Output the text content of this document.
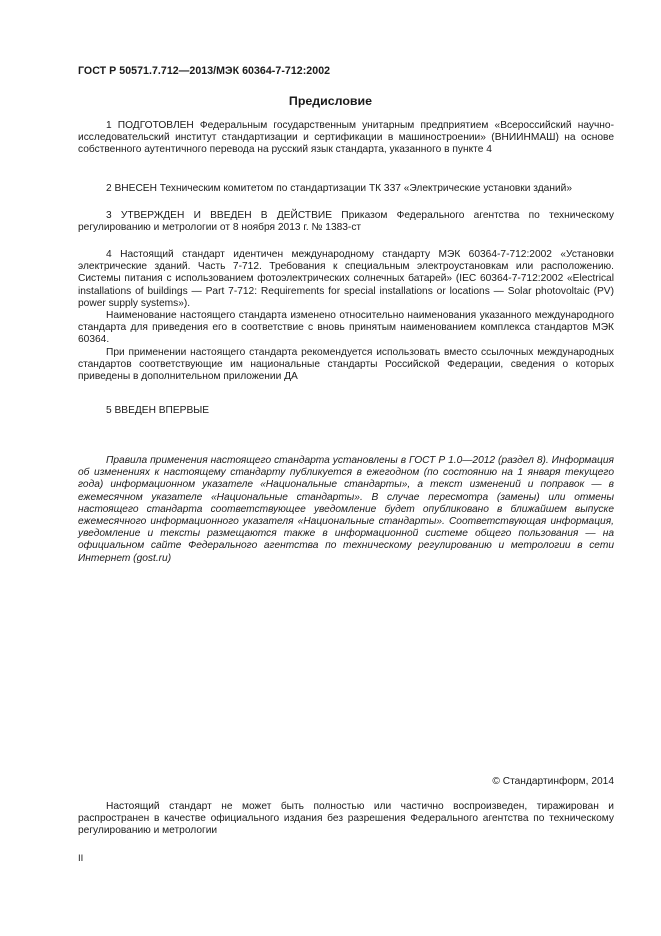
ГОСТ Р 50571.7.712—2013/МЭК 60364-7-712:2002
Предисловие

1 ПОДГОТОВЛЕН Федеральным государственным унитарным предприятием «Всероссийский научно-исследовательский институт стандартизации и сертификации в машиностроении» (ВНИИНМАШ) на основе собственного аутентичного перевода на русский язык стандарта, указанного в пункте 4

2 ВНЕСЕН Техническим комитетом по стандартизации ТК 337 «Электрические установки зданий»

3 УТВЕРЖДЕН И ВВЕДЕН В ДЕЙСТВИЕ Приказом Федерального агентства по техническому регулированию и метрологии от 8 ноября 2013 г. № 1383-ст

4 Настоящий стандарт идентичен международному стандарту МЭК 60364-7-712:2002 «Установки электрические зданий. Часть 7-712. Требования к специальным электроустановкам или расположению. Системы питания с использованием фотоэлектрических солнечных батарей» (IEC 60364-7-712:2002 «Electrical installations of buildings — Part 7-712: Requirements for special installations or locations — Solar photovoltaic (PV) power supply systems»).

Наименование настоящего стандарта изменено относительно наименования указанного международного стандарта для приведения его в соответствие с вновь принятым наименованием комплекса стандартов МЭК 60364.

При применении настоящего стандарта рекомендуется использовать вместо ссылочных международных стандартов соответствующие им национальные стандарты Российской Федерации, сведения о которых приведены в дополнительном приложении ДА

5 ВВЕДЕН ВПЕРВЫЕ

Правила применения настоящего стандарта установлены в ГОСТ Р 1.0—2012 (раздел 8). Информация об изменениях к настоящему стандарту публикуется в ежегодном (по состоянию на 1 января текущего года) информационном указателе «Национальные стандарты», а текст изменений и поправок — в ежемесячном указателе «Национальные стандарты». В случае пересмотра (замены) или отмены настоящего стандарта соответствующее уведомление будет опубликовано в ближайшем выпуске ежемесячного информационного указателя «Национальные стандарты». Соответствующая информация, уведомление и тексты размещаются также в информационной системе общего пользования — на официальном сайте Федерального агентства по техническому регулированию и метрологии в сети Интернет (gost.ru)

© Стандартинформ, 2014

Настоящий стандарт не может быть полностью или частично воспроизведен, тиражирован и распространен в качестве официального издания без разрешения Федерального агентства по техническому регулированию и метрологии

II
